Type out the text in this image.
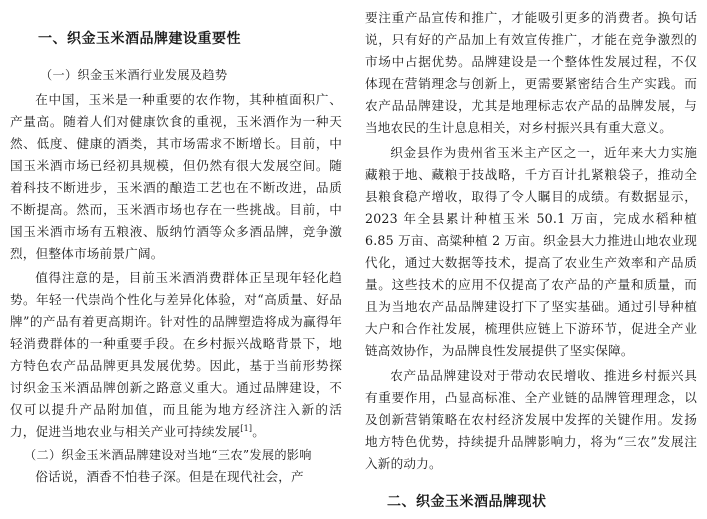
一、织金玉米酒品牌建设重要性
（一）织金玉米酒行业发展及趋势

在中国，玉米是一种重要的农作物，其种植面积广、产量高。随着人们对健康饮食的重视，玉米酒作为一种天然、低度、健康的酒类，其市场需求不断增长。目前，中国玉米酒市场已经初具规模，但仍然有很大发展空间。随着科技不断进步，玉米酒的酿造工艺也在不断改进，品质不断提高。然而，玉米酒市场也存在一些挑战。目前，中国玉米酒市场有五粮液、版纳竹酒等众多酒品牌，竞争激烈，但整体市场前景广阔。

值得注意的是，目前玉米酒消费群体正呈现年轻化趋势。年轻一代崇尚个性化与差异化体验，对“高质量、好品牌”的产品有着更高期许。针对性的品牌塑造将成为赢得年轻消费群体的一种重要手段。在乡村振兴战略背景下，地方特色农产品品牌更具发展优势。因此，基于当前形势探讨织金玉米酒品牌创新之路意义重大。通过品牌建设，不仅可以提升产品附加值，而且能为地方经济注入新的活力，促进当地农业与相关产业可持续发展[1]。

（二）织金玉米酒品牌建设对当地“三农”发展的影响

俗话说，酒香不怕巷子深。但是在现代社会，产

要注重产品宣传和推广，才能吸引更多的消费者。换句话说，只有好的产品加上有效宣传推广，才能在竞争激烈的市场中占据优势。品牌建设是一个整体性发展过程，不仅体现在营销理念与创新上，更需要紧密结合生产实践。而农产品品牌建设，尤其是地理标志农产品的品牌发展，与当地农民的生计息息相关，对乡村振兴具有重大意义。

织金县作为贵州省玉米主产区之一，近年来大力实施藏粮于地、藏粮于技战略，千方百计扎紧粮袋子，推动全县粮食稳产增收，取得了令人瞩目的成绩。有数据显示，2023 年全县累计种植玉米 50.1 万亩，完成水稻种植 6.85 万亩、高粱种植 2 万亩。织金县大力推进山地农业现代化，通过大数据等技术，提高了农业生产效率和产品质量。这些技术的应用不仅提高了农产品的产量和质量，而且为当地农产品品牌建设打下了坚实基础。通过引导种植大户和合作社发展，梳理供应链上下游环节，促进全产业链高效协作，为品牌良性发展提供了坚实保障。

农产品品牌建设对于带动农民增收、推进乡村振兴具有重要作用，凸显高标准、全产业链的品牌管理理念，以及创新营销策略在农村经济发展中发挥的关键作用。发扬地方特色优势，持续提升品牌影响力，将为“三农”发展注入新的动力。

二、织金玉米酒品牌现状
